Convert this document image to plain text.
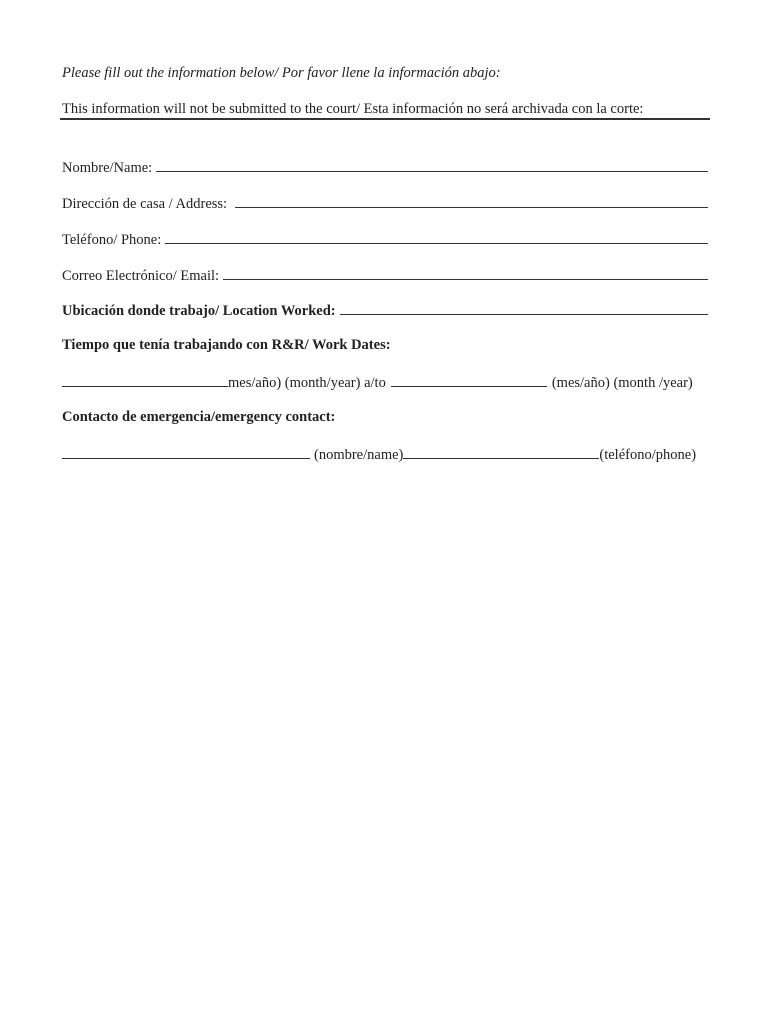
Please fill out the information below/ Por favor llene la información abajo:
This information will not be submitted to the court/ Esta información no será archivada con la corte:
Nombre/Name:
Dirección de casa / Address:
Teléfono/ Phone:
Correo Electrónico/ Email:
Ubicación donde trabajo/ Location Worked:
Tiempo que tenía trabajando con R&R/ Work Dates:
mes/año) (month/year) a/to	(mes/año) (month /year)
Contacto de emergencia/emergency contact:
(nombre/name)	(teléfono/phone)
